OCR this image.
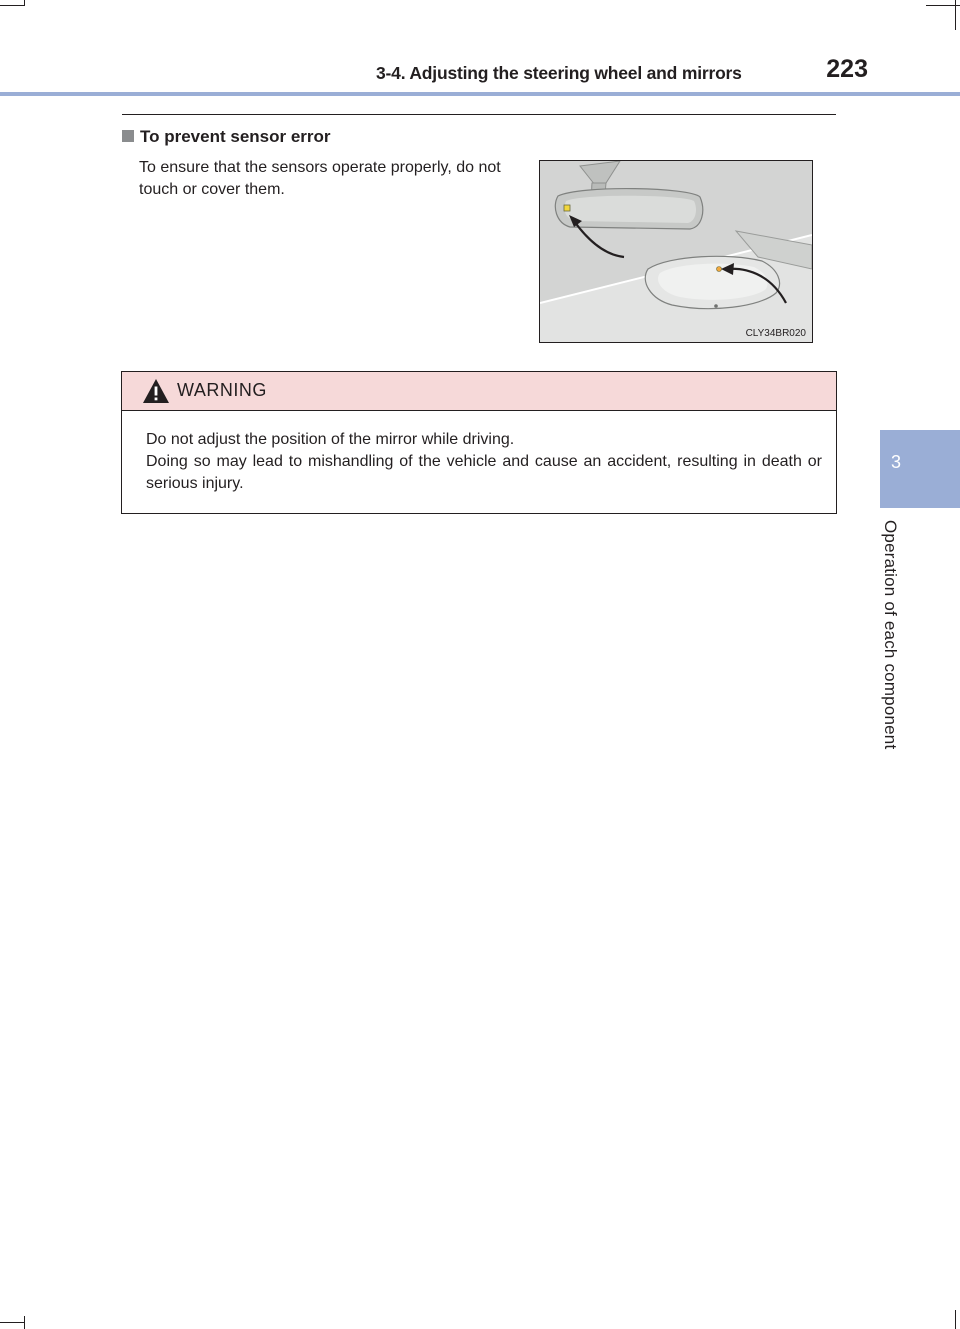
3-4. Adjusting the steering wheel and mirrors	223
3
Operation of each component
To prevent sensor error
To ensure that the sensors operate properly, do not touch or cover them.
CLY34BR020
WARNING

Do not adjust the position of the mirror while driving.

Doing so may lead to mishandling of the vehicle and cause an accident, resulting in death or serious injury.
